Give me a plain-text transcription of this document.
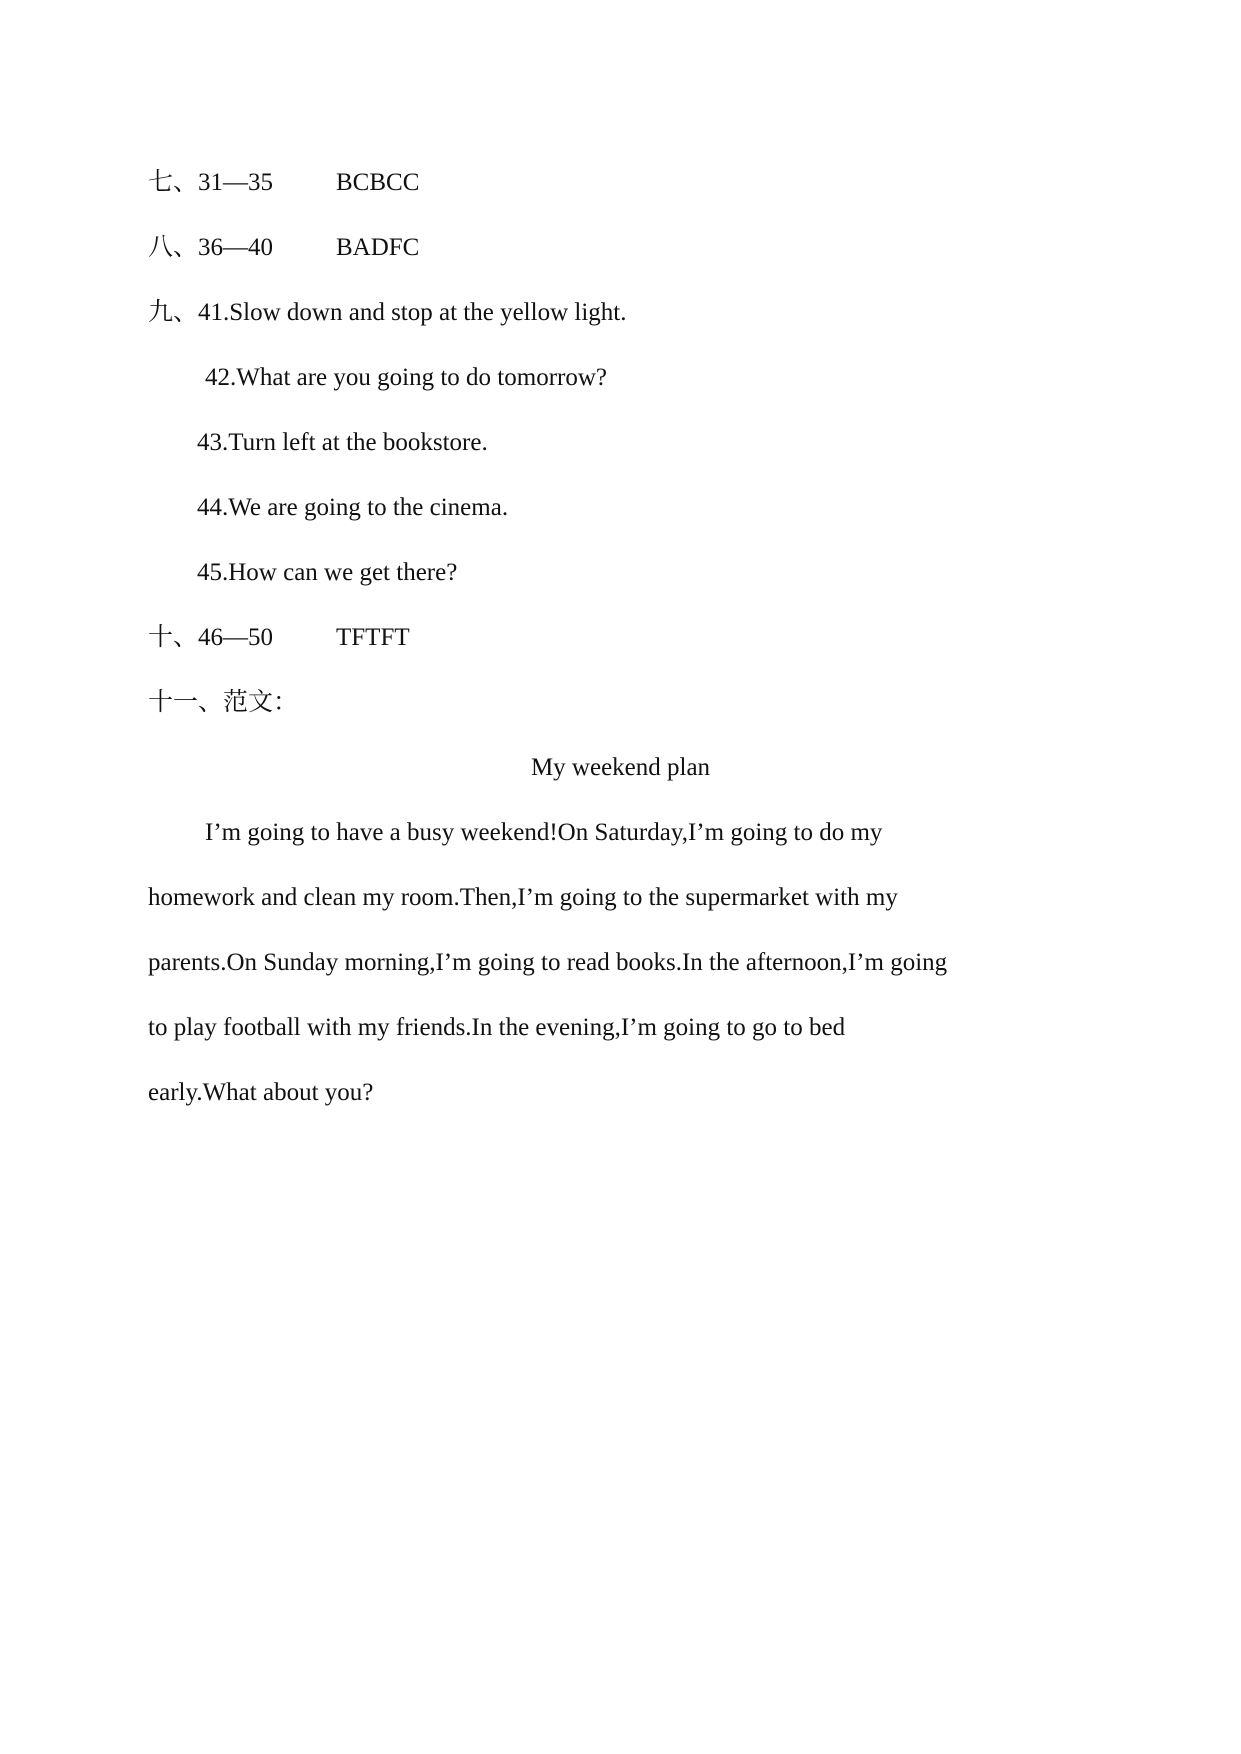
七、31—35	BCBCC
八、36—40	BADFC
九、41.Slow down and stop at the yellow light.
42.What are you going to do tomorrow?
43.Turn left at the bookstore.
44.We are going to the cinema.
45.How can we get there?
十、46—50	TFTFT
十一、范文：
My weekend plan
I’m going to have a busy weekend!On Saturday,I’m going to do my
homework and clean my room.Then,I’m going to the supermarket with my
parents.On Sunday morning,I’m going to read books.In the afternoon,I’m going
to play football with my friends.In the evening,I’m going to go to bed
early.What about you?
